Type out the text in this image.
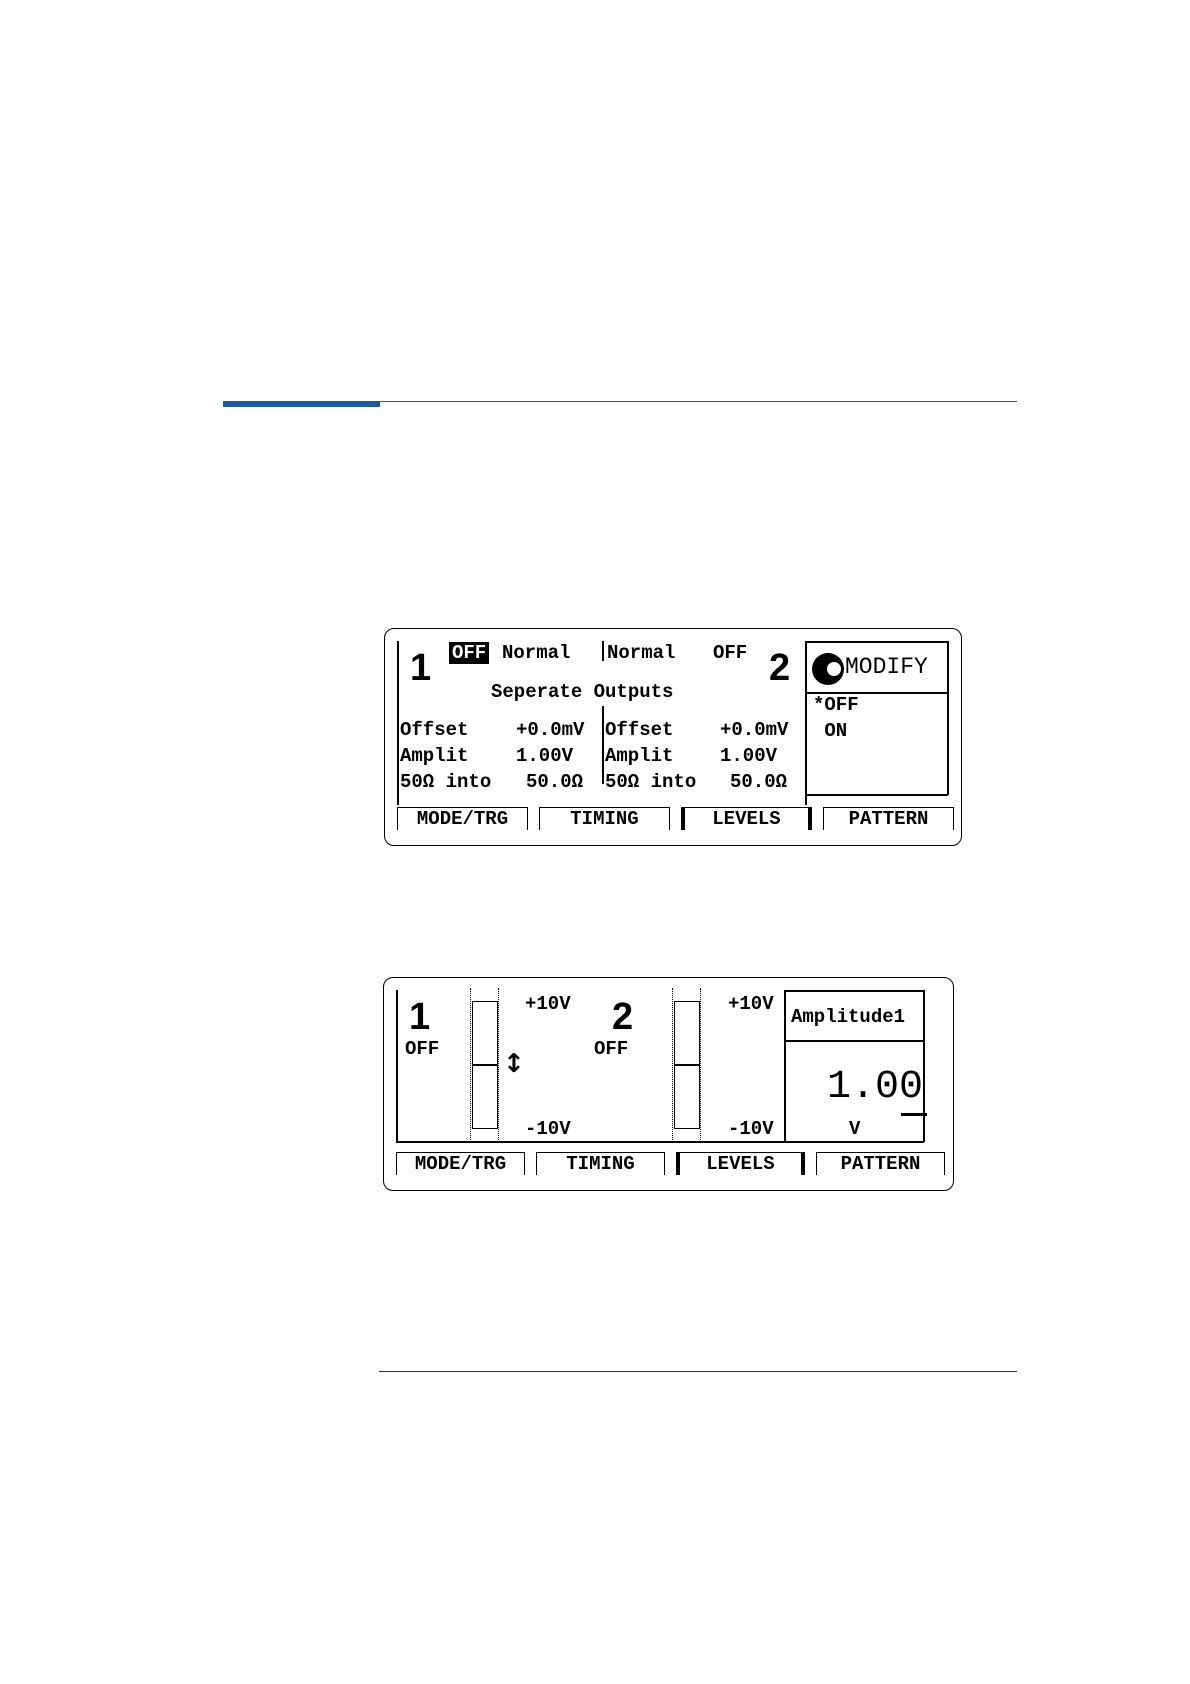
1	2
OFF Normal Normal OFF
Seperate Outputs
Offset	+0.0mV
Amplit	1.00V
50Ω into 50.0Ω
Offset +0.0mV
Amplit 1.00V
50Ω into 50.0Ω
MODIFY
*OFF
ON
MODE/TRG	TIMING	LEVELS	PATTERN
1
OFF ↕
+10V
-10V
2
OFF
+10V
-10V
Amplitude1
1.00
V
MODE/TRG	TIMING	LEVELS	PATTERN
